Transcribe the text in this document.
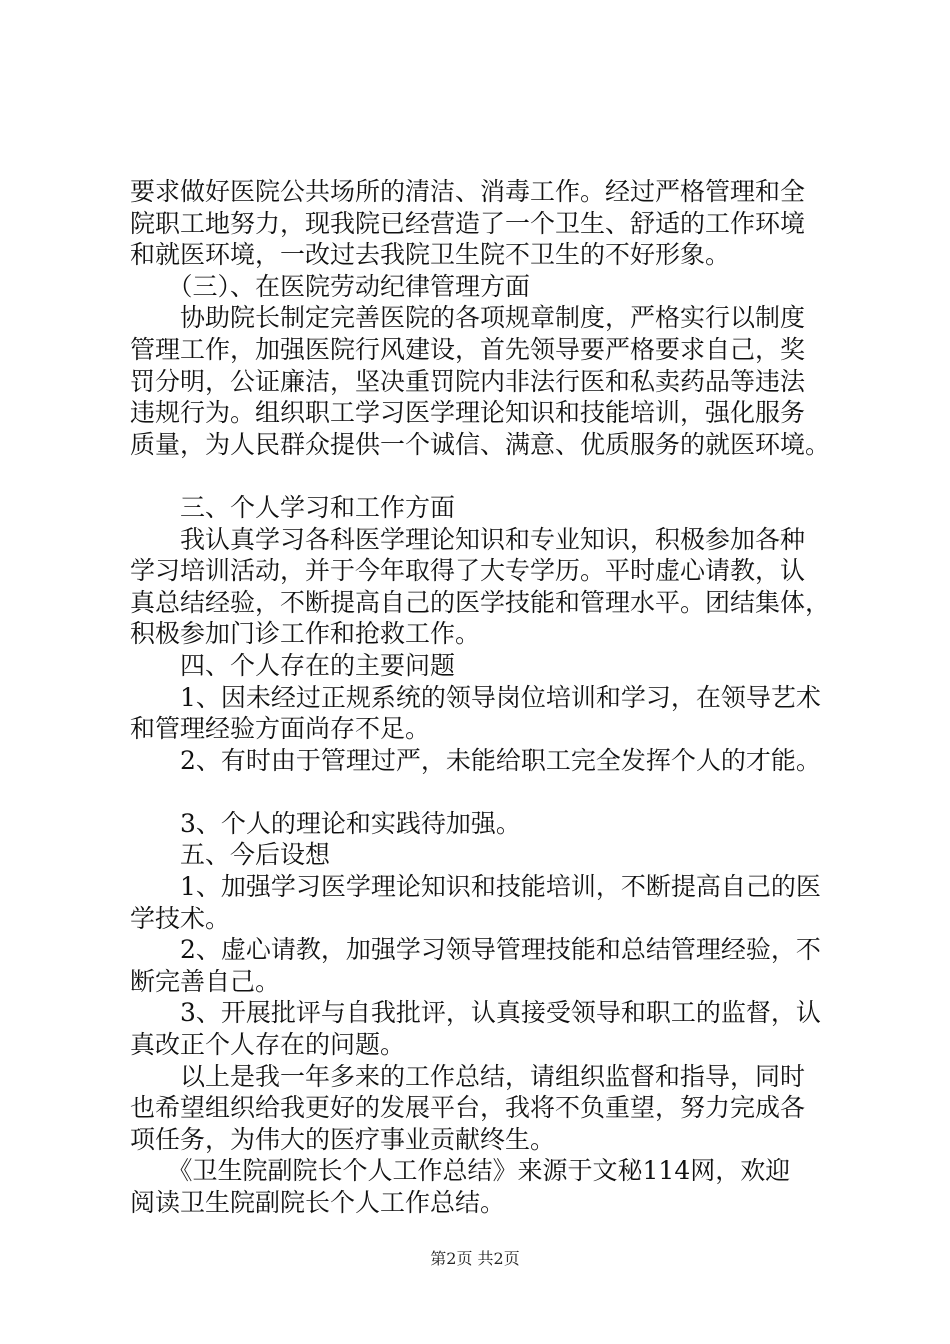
要求做好医院公共场所的清洁、消毒工作。经过严格管理和全
院职工地努力，现我院已经营造了一个卫生、舒适的工作环境
和就医环境，一改过去我院卫生院不卫生的不好形象。
　　（三）、在医院劳动纪律管理方面
　　协助院长制定完善医院的各项规章制度，严格实行以制度
管理工作，加强医院行风建设，首先领导要严格要求自己，奖
罚分明，公证廉洁，坚决重罚院内非法行医和私卖药品等违法
违规行为。组织职工学习医学理论知识和技能培训，强化服务
质量，为人民群众提供一个诚信、满意、优质服务的就医环境。
　　三、个人学习和工作方面
　　我认真学习各科医学理论知识和专业知识，积极参加各种
学习培训活动，并于今年取得了大专学历。平时虚心请教，认
真总结经验，不断提高自己的医学技能和管理水平。团结集体，
积极参加门诊工作和抢救工作。
　　四、个人存在的主要问题
　　1、因未经过正规系统的领导岗位培训和学习，在领导艺术
和管理经验方面尚存不足。
　　2、有时由于管理过严，未能给职工完全发挥个人的才能。
　　3、个人的理论和实践待加强。
　　五、今后设想
　　1、加强学习医学理论知识和技能培训，不断提高自己的医
学技术。
　　2、虚心请教，加强学习领导管理技能和总结管理经验，不
断完善自己。
　　3、开展批评与自我批评，认真接受领导和职工的监督，认
真改正个人存在的问题。
　　以上是我一年多来的工作总结，请组织监督和指导，同时
也希望组织给我更好的发展平台，我将不负重望，努力完成各
项任务，为伟大的医疗事业贡献终生。
　　《卫生院副院长个人工作总结》来源于文秘114网，欢迎
阅读卫生院副院长个人工作总结。
第2页 共2页
